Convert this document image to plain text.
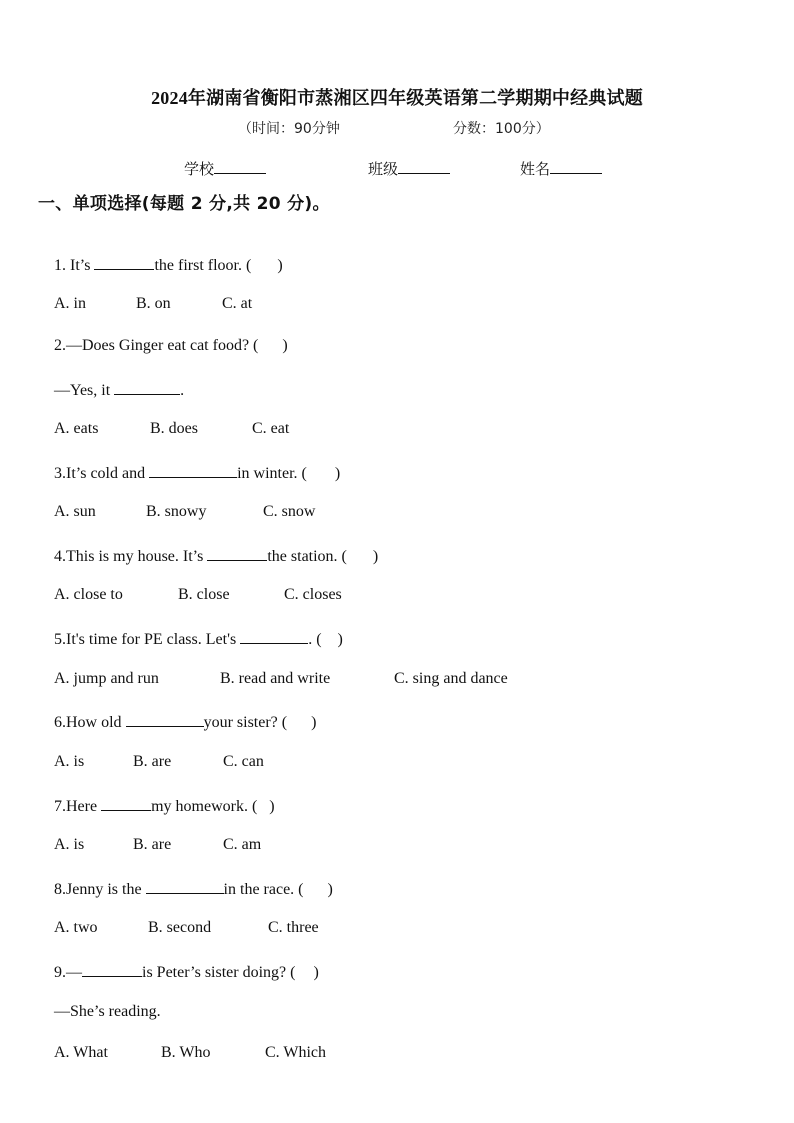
2024年湖南省衡阳市蒸湘区四年级英语第二学期期中经典试题
（时间：90分钟	分数：100分）
学校	班级	姓名
一、单项选择(每题 2 分,共 20 分)。

1. It’s	the first floor. ( )

A. in	B. on	C. at

2.—Does Ginger eat cat food? ( )

—Yes, it	.

A. eats	B. does	C. eat

3.It’s cold and	in winter. ( )

A. sun	B. snowy	C. snow

4.This is my house. It’s	the station. ( )

A. close to	B. close	C. closes

5.It's time for PE class. Let's	. ( )

A. jump and run	B. read and write	C. sing and dance

6.How old	your sister? ( )

A. is	B. are	C. can

7.Here	my homework. ( )

A. is	B. are	C. am

8.Jenny is the	in the race. ( )

A. two	B. second	C. three

9.—	is Peter’s sister doing? ( )

—She’s reading.

A. What	B. Who	C. Which
